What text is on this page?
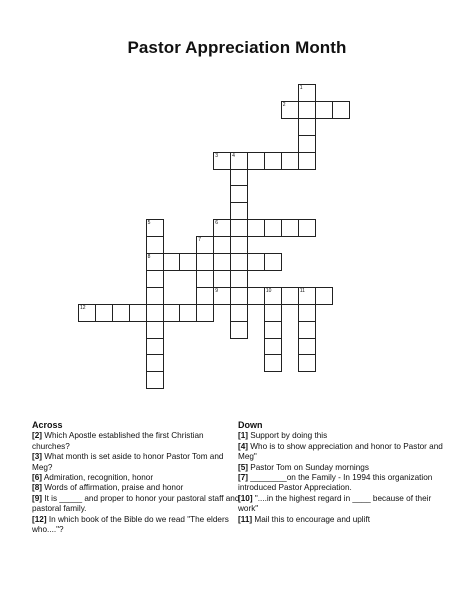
Pastor Appreciation Month
1
2
3	4
5	6
7
8
9	10	11
12
Across

[2] Which Apostle established the first Christian churches?

[3] What month is set aside to honor Pastor Tom and Meg?

[6] Admiration, recognition, honor

[8] Words of affirmation, praise and honor

[9] It is _____ and proper to honor your pastoral staff and pastoral family.

[12] In which book of the Bible do we read "The elders who...."?

Down

[1] Support by doing this

[4] Who is to show appreciation and honor to Pastor and Meg"

[5] Pastor Tom on Sunday mornings

[7] ________on the Family - In 1994 this organization introduced Pastor Appreciation.

[10] "....in the highest regard in ____ because of their work"

[11] Mail this to encourage and uplift
